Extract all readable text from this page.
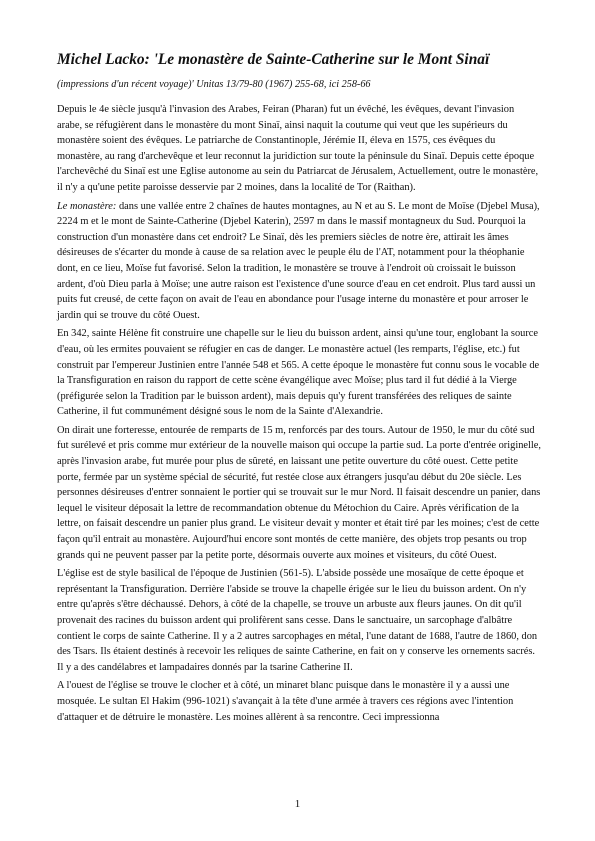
Michel Lacko: 'Le monastère de Sainte-Catherine sur le Mont Sinaï
(impressions d'un récent voyage)' Unitas 13/79-80 (1967) 255-68, ici 258-66

Depuis le 4e siècle jusqu'à l'invasion des Arabes, Feiran (Pharan) fut un évêché, les évêques, devant l'invasion arabe, se réfugièrent dans le monastère du mont Sinaï, ainsi naquit la coutume qui veut que les supérieurs du monastère soient des évêques. Le patriarche de Constantinople, Jérémie II, éleva en 1575, ces évêques du monastère, au rang d'archevêque et leur reconnut la juridiction sur toute la péninsule du Sinaï. Depuis cette époque l'archevêché du Sinaï est une Eglise autonome au sein du Patriarcat de Jérusalem, Actuellement, outre le monastère, il n'y a qu'une petite paroisse desservie par 2 moines, dans la localité de Tor (Raithan).

Le monastère: dans une vallée entre 2 chaînes de hautes montagnes, au N et au S. Le mont de Moïse (Djebel Musa), 2224 m et le mont de Sainte-Catherine (Djebel Katerin), 2597 m dans le massif montagneux du Sud. Pourquoi la construction d'un monastère dans cet endroit? Le Sinaï, dès les premiers siècles de notre ère, attirait les âmes désireuses de s'écarter du monde à cause de sa relation avec le peuple élu de l'AT, notamment pour la théophanie dont, en ce lieu, Moïse fut favorisé. Selon la tradition, le monastère se trouve à l'endroit où croissait le buisson ardent, d'où Dieu parla à Moïse; une autre raison est l'existence d'une source d'eau en cet endroit. Plus tard aussi un puits fut creusé, de cette façon on avait de l'eau en abondance pour l'usage interne du monastère et pour arroser le jardin qui se trouve du côté Ouest.

En 342, sainte Hélène fit construire une chapelle sur le lieu du buisson ardent, ainsi qu'une tour, englobant la source d'eau, où les ermites pouvaient se réfugier en cas de danger. Le monastère actuel (les remparts, l'église, etc.) fut construit par l'empereur Justinien entre l'année 548 et 565. A cette époque le monastère fut connu sous le vocable de la Transfiguration en raison du rapport de cette scène évangélique avec Moïse; plus tard il fut dédié à la Vierge (préfigurée selon la Tradition par le buisson ardent), mais depuis qu'y furent transférées des reliques de sainte Catherine, il fut communément désigné sous le nom de la Sainte d'Alexandrie.

On dirait une forteresse, entourée de remparts de 15 m, renforcés par des tours. Autour de 1950, le mur du côté sud fut surélevé et pris comme mur extérieur de la nouvelle maison qui occupe la partie sud. La porte d'entrée originelle, après l'invasion arabe, fut murée pour plus de sûreté, en laissant une petite ouverture du côté ouest. Cette petite porte, fermée par un système spécial de sécurité, fut restée close aux étrangers jusqu'au début du 20e siècle. Les personnes désireuses d'entrer sonnaient le portier qui se trouvait sur le mur Nord. Il faisait descendre un panier, dans lequel le visiteur déposait la lettre de recommandation obtenue du Métochion du Caire. Après vérification de la lettre, on faisait descendre un panier plus grand. Le visiteur devait y monter et était tiré par les moines; c'est de cette façon qu'il entrait au monastère. Aujourd'hui encore sont montés de cette manière, des objets trop pesants ou trop grands qui ne peuvent passer par la petite porte, désormais ouverte aux moines et visiteurs, du côté Ouest.

L'église est de style basilical de l'époque de Justinien (561-5). L'abside possède une mosaïque de cette époque et représentant la Transfiguration. Derrière l'abside se trouve la chapelle érigée sur le lieu du buisson ardent. On n'y entre qu'après s'être déchaussé. Dehors, à côté de la chapelle, se trouve un arbuste aux fleurs jaunes. On dit qu'il provenait des racines du buisson ardent qui prolifèrent sans cesse. Dans le sanctuaire, un sarcophage d'albâtre contient le corps de sainte Catherine. Il y a 2 autres sarcophages en métal, l'une datant de 1688, l'autre de 1860, don des Tsars. Ils étaient destinés à recevoir les reliques de sainte Catherine, en fait on y conserve les ornements sacrés. Il y a des candélabres et lampadaires donnés par la tsarine Catherine II.

A l'ouest de l'église se trouve le clocher et à côté, un minaret blanc puisque dans le monastère il y a aussi une mosquée. Le sultan El Hakim (996-1021) s'avançait à la tête d'une armée à travers ces régions avec l'intention d'attaquer et de détruire le monastère. Les moines allèrent à sa rencontre. Ceci impressionna

1
